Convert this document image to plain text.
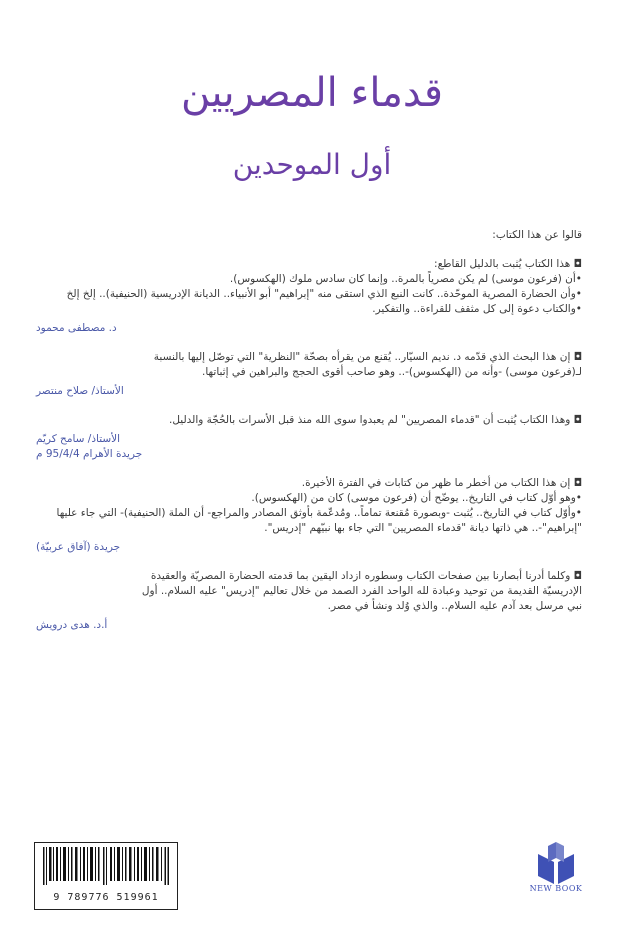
قدماء المصريين
أول الموحدين
قالوا عن هذا الكتاب:

◘ هذا الكتاب يُثبت بالدليل القاطع:

•أن (فرعون موسى) لم يكن مصرياً بالمرة.. وإنما كان سادس ملوك (الهكسوس).

•وأن الحضارة المصرية الموحّدة.. كانت النبع الذي استقى منه "إبراهيم" أبو الأنبياء.. الديانة الإدريسية (الحنيفية).. إلخ إلخ

•والكتاب دعوة إلى كل مثقف للقراءة.. والتفكير.

د. مصطفى محمود

◘ إن هذا البحث الذي قدّمه د. نديم السيّار.. يُقنع من يقرأه بصحّة "النظرية" التي توصّل إليها بالنسبة

لـ(فرعون موسى) -وأنه من (الهكسوس)-.. وهو صاحب أقوى الحجج والبراهين في إثباتها.

الأستاذ/ صلاح منتصر

◘ وهذا الكتاب يُثبت أن "قدماء المصريين" لم يعبدوا سوى الله منذ قبل الأسرات بالحُجّة والدليل.

الأستاذ/ سامح كريّم
جريدة الأهرام 95/4/4 م

◘ إن هذا الكتاب من أخطر ما ظهر من كتابات في الفترة الأخيرة.

•وهو أوّل كتاب في التاريخ.. يوضّح أن (فرعون موسى) كان من (الهكسوس).

•وأوّل كتاب في التاريخ.. يُثبت -وبصورة مُقنعة تماماً.. ومُدعّمة بأوثق المصادر والمراجع- أن الملة (الحنيفية)- التي جاء عليها "إبراهيم"-.. هي ذاتها ديانة "قدماء المصريين" التي جاء بها نبيّهم "إدريس".

جريدة (آفاق عربيّة)

◘ وكلما أدرنا أبصارنا بين صفحات الكتاب وسطوره ازداد اليقين بما قدمته الحضارة المصريّة والعقيدة

الإدريسيّة القديمة من توحيد وعبادة لله الواحد الفرد الصمد من خلال تعاليم "إدريس" عليه السلام.. أول

نبي مرسل بعد آدم عليه السلام.. والذي وُلد ونشأ في مصر.

أ.د. هدى درويش
9 789776 519961
NEW BOOK
